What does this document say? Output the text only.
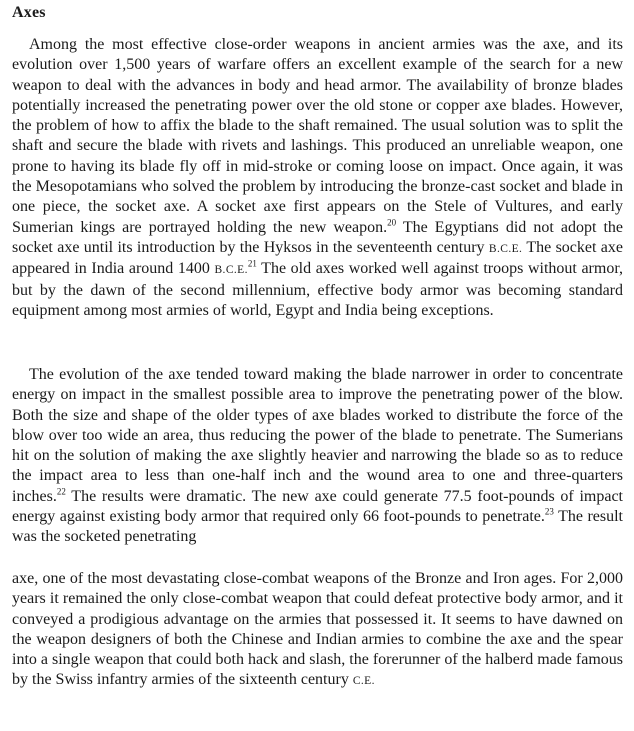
Axes

Among the most effective close-order weapons in ancient armies was the axe, and its evolution over 1,500 years of warfare offers an excellent example of the search for a new weapon to deal with the advances in body and head armor. The availability of bronze blades potentially increased the penetrating power over the old stone or copper axe blades. However, the problem of how to affix the blade to the shaft remained. The usual solution was to split the shaft and secure the blade with rivets and lashings. This produced an unreliable weapon, one prone to having its blade fly off in mid-stroke or coming loose on impact. Once again, it was the Mesopotamians who solved the problem by introducing the bronze-cast socket and blade in one piece, the socket axe. A socket axe first appears on the Stele of Vultures, and early Sumerian kings are portrayed holding the new weapon.$^{20}$ The Egyptians did not adopt the socket axe until its introduction by the Hyksos in the seventeenth century B.C.E. The socket axe appeared in India around 1400 B.C.E.$^{21}$ The old axes worked well against troops without armor, but by the dawn of the second millennium, effective body armor was becoming standard equipment among most armies of world, Egypt and India being exceptions.

The evolution of the axe tended toward making the blade narrower in order to concentrate energy on impact in the smallest possible area to improve the penetrating power of the blow. Both the size and shape of the older types of axe blades worked to distribute the force of the blow over too wide an area, thus reducing the power of the blade to penetrate. The Sumerians hit on the solution of making the axe slightly heavier and narrowing the blade so as to reduce the impact area to less than one-half inch and the wound area to one and three-quarters inches.$^{22}$ The results were dramatic. The new axe could generate 77.5 foot-pounds of impact energy against existing body armor that required only 66 foot-pounds to penetrate.$^{23}$ The result was the socketed penetrating

axe, one of the most devastating close-combat weapons of the Bronze and Iron ages. For 2,000 years it remained the only close-combat weapon that could defeat protective body armor, and it conveyed a prodigious advantage on the armies that possessed it. It seems to have dawned on the weapon designers of both the Chinese and Indian armies to combine the axe and the spear into a single weapon that could both hack and slash, the forerunner of the halberd made famous by the Swiss infantry armies of the sixteenth century C.E.
